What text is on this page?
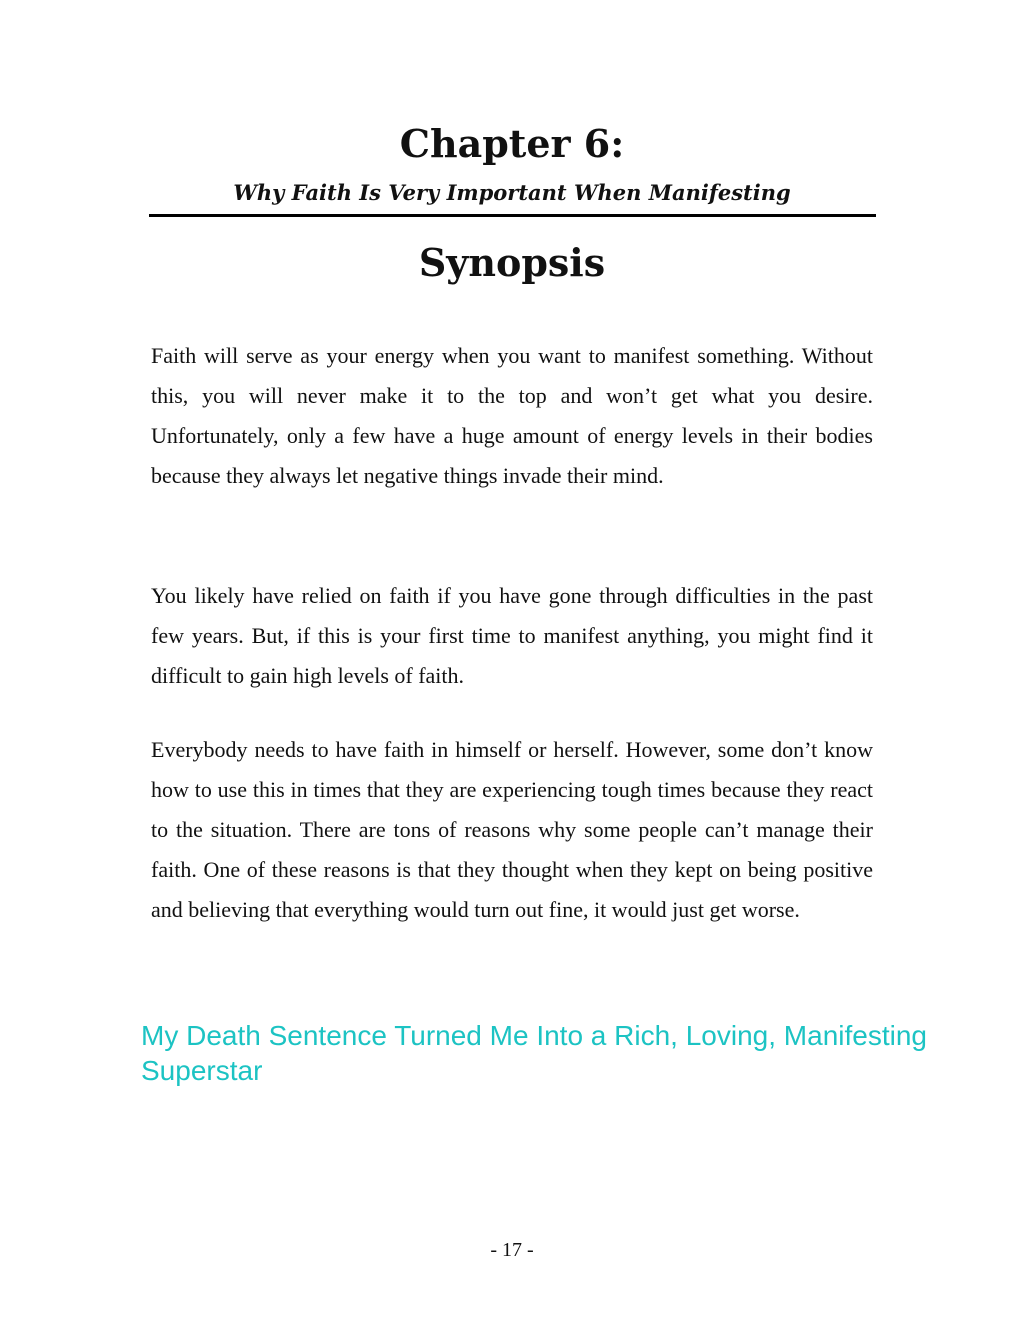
Chapter 6:
Why Faith Is Very Important When Manifesting
Synopsis

Faith will serve as your energy when you want to manifest something. Without this, you will never make it to the top and won’t get what you desire. Unfortunately, only a few have a huge amount of energy levels in their bodies because they always let negative things invade their mind.

You likely have relied on faith if you have gone through difficulties in the past few years. But, if this is your first time to manifest anything, you might find it difficult to gain high levels of faith.

Everybody needs to have faith in himself or herself. However, some don’t know how to use this in times that they are experiencing tough times because they react to the situation. There are tons of reasons why some people can’t manage their faith. One of these reasons is that they thought when they kept on being positive and believing that everything would turn out fine, it would just get worse.

My Death Sentence Turned Me Into a Rich, Loving, Manifesting Superstar
- 17 -
